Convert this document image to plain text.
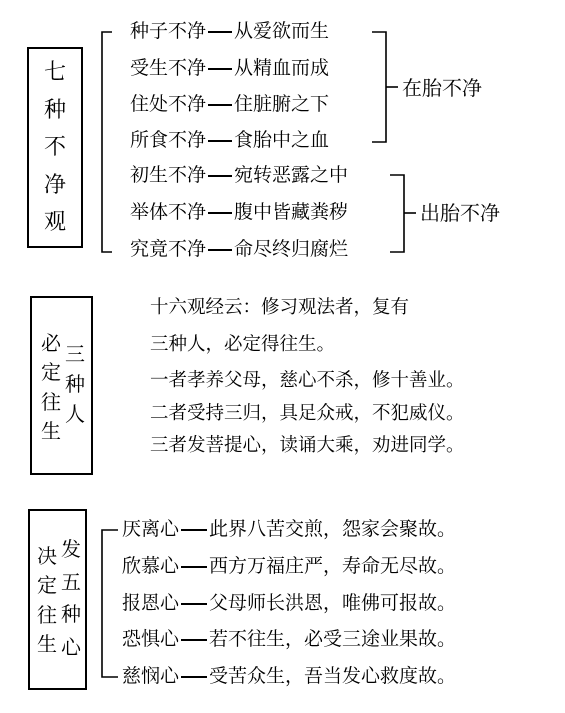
七
种
不
净
观
种子不净 从爱欲而生
受生不净 从精血而成
住处不净 住脏腑之下
所食不净 食胎中之血
初生不净 宛转恶露之中
举体不净 腹中皆藏粪秽
究竟不净 命尽终归腐烂
在胎不净
出胎不净
必
定
往
生
三
种
人
十六观经云：修习观法者，复有
三种人，必定得往生。
一者孝养父母，慈心不杀，修十善业。
二者受持三归，具足众戒，不犯威仪。
三者发菩提心，读诵大乘，劝进同学。
决
定
往
生
发
五
种
心
厌离心 此界八苦交煎，怨家会聚故。
欣慕心 西方万福庄严，寿命无尽故。
报恩心 父母师长洪恩，唯佛可报故。
恐惧心 若不往生，必受三途业果故。
慈悯心 受苦众生，吾当发心救度故。
